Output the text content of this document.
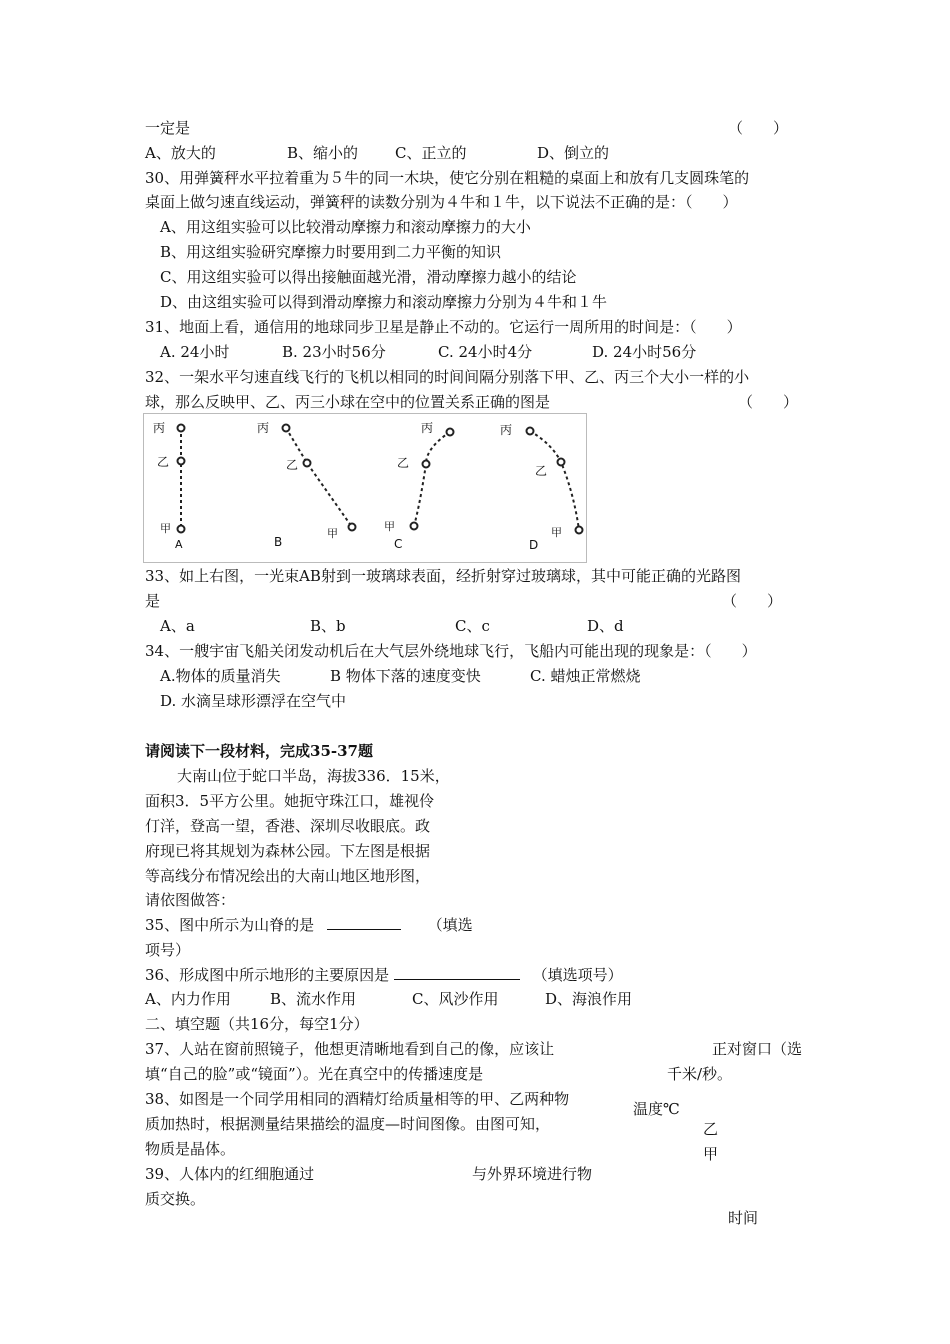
一定是	（　　）
A、放大的	B、缩小的 C、正立的	D、倒立的
30、用弹簧秤水平拉着重为５牛的同一木块，使它分别在粗糙的桌面上和放有几支圆珠笔的
桌面上做匀速直线运动，弹簧秤的读数分别为４牛和１牛，以下说法不正确的是：（　　）
A、用这组实验可以比较滑动摩擦力和滚动摩擦力的大小
B、用这组实验研究摩擦力时要用到二力平衡的知识
C、用这组实验可以得出接触面越光滑，滑动摩擦力越小的结论
D、由这组实验可以得到滑动摩擦力和滚动摩擦力分别为４牛和１牛
31、地面上看，通信用的地球同步卫星是静止不动的。它运行一周所用的时间是：（　　）
A. 24小时	B. 23小时56分	C. 24小时4分	D. 24小时56分
32、一架水平匀速直线飞行的飞机以相同的时间间隔分别落下甲、乙、丙三个大小一样的小
球，那么反映甲、乙、丙三小球在空中的位置关系正确的图是	（　　）
丙
乙
甲
A
丙
乙
甲
B
丙
乙
甲
C
丙
乙
甲
D
33、如上右图，一光束AB射到一玻璃球表面，经折射穿过玻璃球，其中可能正确的光路图
是	（　　）
A、a	B、b	C、c	D、d
34、一艘宇宙飞船关闭发动机后在大气层外绕地球飞行，飞船内可能出现的现象是：（　　）
A.物体的质量消失	B 物体下落的速度变快	C. 蜡烛正常燃烧
D. 水滴呈球形漂浮在空气中
请阅读下一段材料，完成35-37题
大南山位于蛇口半岛，海拔336．15米，
面积3．5平方公里。她扼守珠江口，雄视伶
仃洋，登高一望，香港、深圳尽收眼底。政
府现已将其规划为森林公园。下左图是根据
等高线分布情况绘出的大南山地区地形图，
请依图做答：
35、图中所示为山脊的是	（填选
项号）
36、形成图中所示地形的主要原因是	（填选项号）
A、内力作用	B、流水作用	C、风沙作用	D、海浪作用
二、填空题（共16分，每空1分）
37、人站在窗前照镜子，他想更清晰地看到自己的像，应该让	正对窗口（选
填“自己的脸”或“镜面”）。光在真空中的传播速度是	千米/秒。
38、如图是一个同学用相同的酒精灯给质量相等的甲、乙两种物
质加热时，根据测量结果描绘的温度—时间图像。由图可知，
物质是晶体。
温度℃
乙
甲
时间
39、人体内的红细胞通过	与外界环境进行物
质交换。
